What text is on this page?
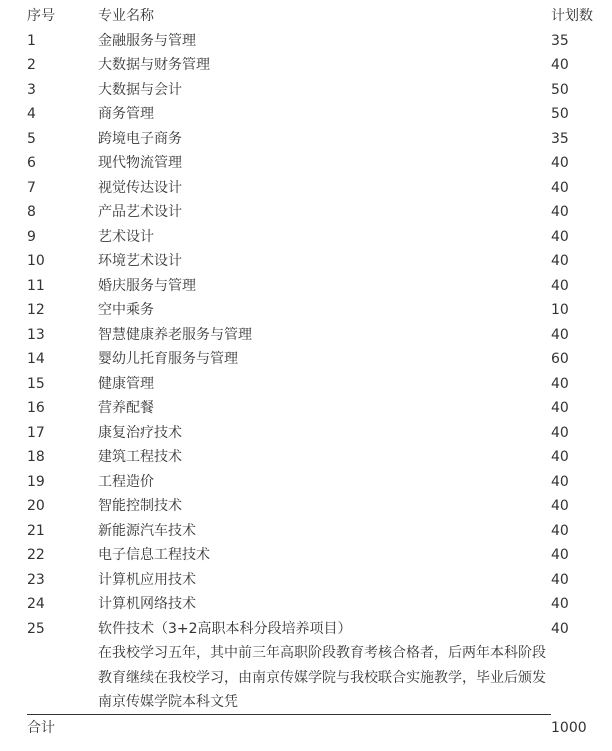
序号	专业名称	计划数
1	金融服务与管理	35
2	大数据与财务管理	40
3	大数据与会计	50
4	商务管理	50
5	跨境电子商务	35
6	现代物流管理	40
7	视觉传达设计	40
8	产品艺术设计	40
9	艺术设计	40
10	环境艺术设计	40
11	婚庆服务与管理	40
12	空中乘务	10
13	智慧健康养老服务与管理	40
14	婴幼儿托育服务与管理	60
15	健康管理	40
16	营养配餐	40
17	康复治疗技术	40
18	建筑工程技术	40
19	工程造价	40
20	智能控制技术	40
21	新能源汽车技术	40
22	电子信息工程技术	40
23	计算机应用技术	40
24	计算机网络技术	40
25	软件技术（3+2高职本科分段培养项目）	40
在我校学习五年，其中前三年高职阶段教育考核合格者，后两年本科阶段
教育继续在我校学习，由南京传媒学院与我校联合实施教学，毕业后颁发
南京传媒学院本科文凭
合计	1000
